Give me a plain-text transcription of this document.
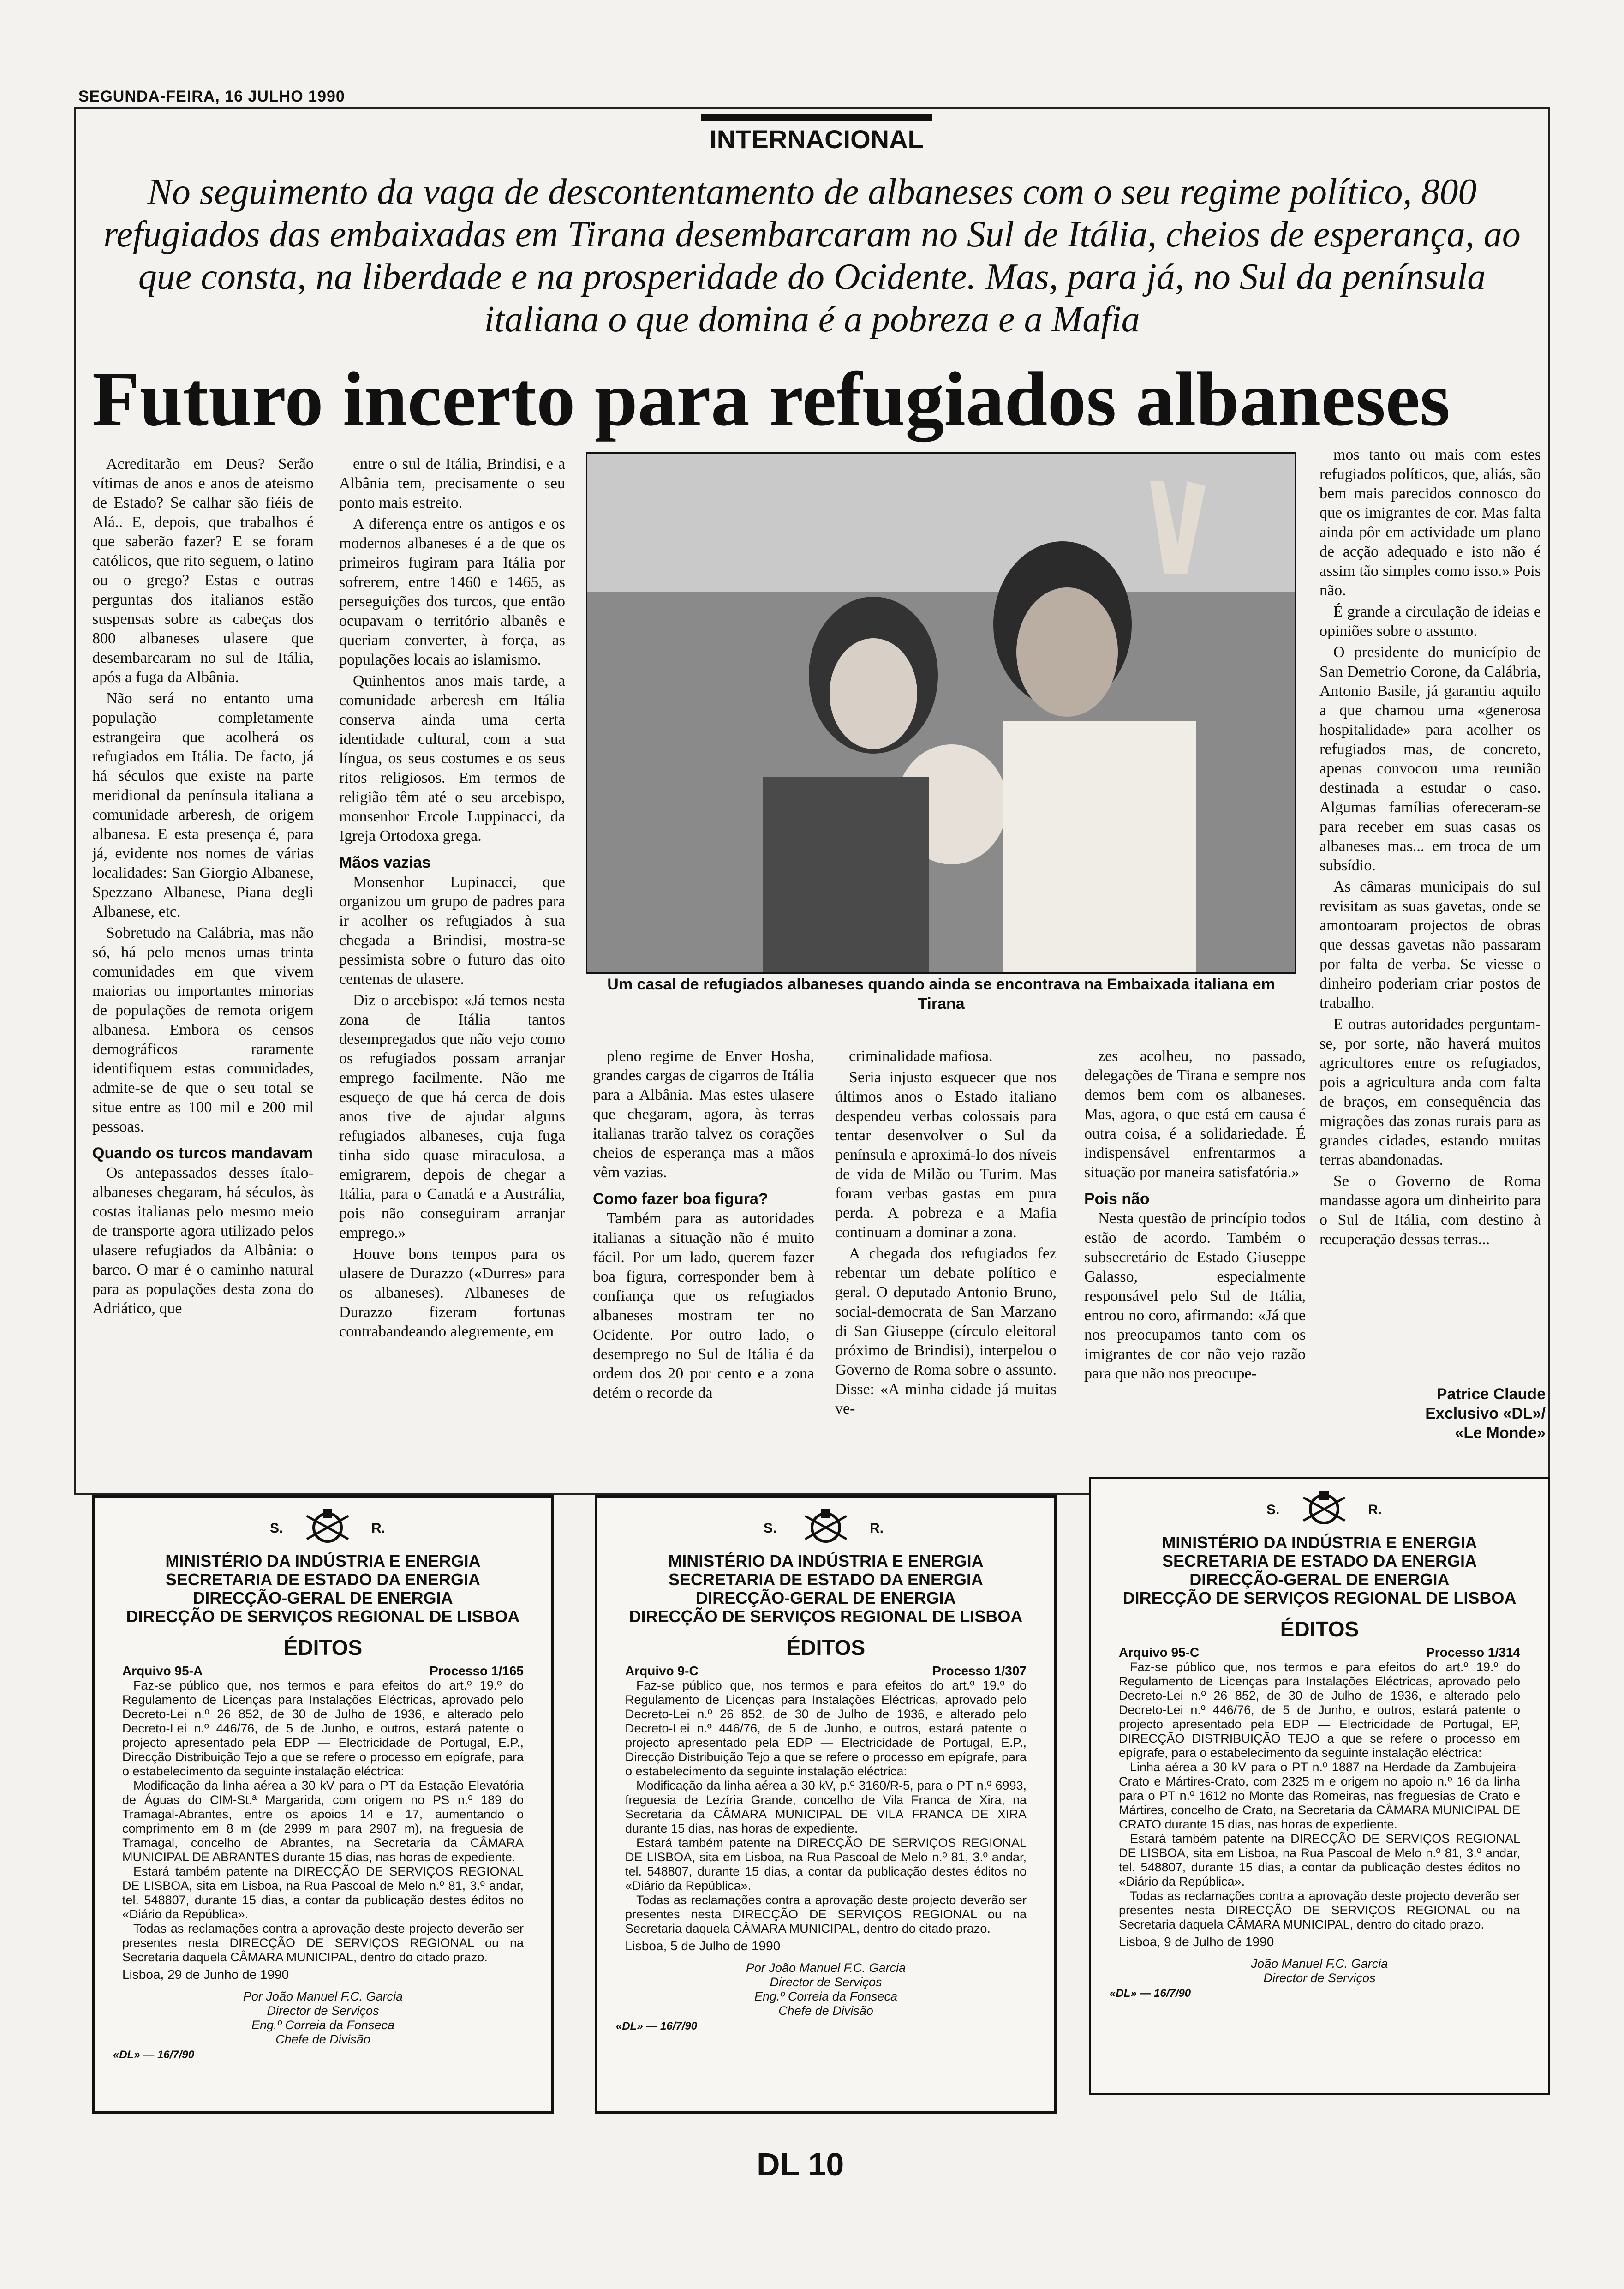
SEGUNDA-FEIRA, 16 JULHO 1990
INTERNACIONAL
No seguimento da vaga de descontentamento de albaneses com o seu regime político, 800 refugiados das embaixadas em Tirana desembarcaram no Sul de Itália, cheios de esperança, ao que consta, na liberdade e na prosperidade do Ocidente. Mas, para já, no Sul da península italiana o que domina é a pobreza e a Mafia
Futuro incerto para refugiados albaneses

Acreditarão em Deus? Serão vítimas de anos e anos de ateismo de Estado? Se calhar são fiéis de Alá.. E, depois, que trabalhos é que saberão fazer? E se foram católicos, que rito seguem, o latino ou o grego? Estas e outras perguntas dos italianos estão suspensas sobre as cabeças dos 800 albaneses ulasere que desembarcaram no sul de Itália, após a fuga da Albânia.

Não será no entanto uma população completamente estrangeira que acolherá os refugiados em Itália. De facto, já há séculos que existe na parte meridional da península italiana a comunidade arberesh, de origem albanesa. E esta presença é, para já, evidente nos nomes de várias localidades: San Giorgio Albanese, Spezzano Albanese, Piana degli Albanese, etc.

Sobretudo na Calábria, mas não só, há pelo menos umas trinta comunidades em que vivem maiorias ou importantes minorias de populações de remota origem albanesa. Embora os censos demográficos raramente identifiquem estas comunidades, admite-se de que o seu total se situe entre as 100 mil e 200 mil pessoas.

Quando os turcos mandavam

Os antepassados desses ítalo-albaneses chegaram, há séculos, às costas italianas pelo mesmo meio de transporte agora utilizado pelos ulasere refugiados da Albânia: o barco. O mar é o caminho natural para as populações desta zona do Adriático, que

entre o sul de Itália, Brindisi, e a Albânia tem, precisamente o seu ponto mais estreito.

A diferença entre os antigos e os modernos albaneses é a de que os primeiros fugiram para Itália por sofrerem, entre 1460 e 1465, as perseguições dos turcos, que então ocupavam o território albanês e queriam converter, à força, as populações locais ao islamismo.

Quinhentos anos mais tarde, a comunidade arberesh em Itália conserva ainda uma certa identidade cultural, com a sua língua, os seus costumes e os seus ritos religiosos. Em termos de religião têm até o seu arcebispo, monsenhor Ercole Luppinacci, da Igreja Ortodoxa grega.

Mãos vazias

Monsenhor Lupinacci, que organizou um grupo de padres para ir acolher os refugiados à sua chegada a Brindisi, mostra-se pessimista sobre o futuro das oito centenas de ulasere.

Diz o arcebispo: «Já temos nesta zona de Itália tantos desempregados que não vejo como os refugiados possam arranjar emprego facilmente. Não me esqueço de que há cerca de dois anos tive de ajudar alguns refugiados albaneses, cuja fuga tinha sido quase miraculosa, a emigrarem, depois de chegar a Itália, para o Canadá e a Austrália, pois não conseguiram arranjar emprego.»

Houve bons tempos para os ulasere de Durazzo («Durres» para os albaneses). Albaneses de Durazzo fizeram fortunas contrabandeando alegremente, em

Um casal de refugiados albaneses quando ainda se encontrava na Embaixada italiana em Tirana

pleno regime de Enver Hosha, grandes cargas de cigarros de Itália para a Albânia. Mas estes ulasere que chegaram, agora, às terras italianas trarão talvez os corações cheios de esperança mas a mãos vêm vazias.

Como fazer boa figura?

Também para as autoridades italianas a situação não é muito fácil. Por um lado, querem fazer boa figura, corresponder bem à confiança que os refugiados albaneses mostram ter no Ocidente. Por outro lado, o desemprego no Sul de Itália é da ordem dos 20 por cento e a zona detém o recorde da

criminalidade mafiosa.

Seria injusto esquecer que nos últimos anos o Estado italiano despendeu verbas colossais para tentar desenvolver o Sul da península e aproximá-lo dos níveis de vida de Milão ou Turim. Mas foram verbas gastas em pura perda. A pobreza e a Mafia continuam a dominar a zona.

A chegada dos refugiados fez rebentar um debate político e geral. O deputado Antonio Bruno, social-democrata de San Marzano di San Giuseppe (círculo eleitoral próximo de Brindisi), interpelou o Governo de Roma sobre o assunto. Disse: «A minha cidade já muitas ve-

zes acolheu, no passado, delegações de Tirana e sempre nos demos bem com os albaneses. Mas, agora, o que está em causa é outra coisa, é a solidariedade. É indispensável enfrentarmos a situação por maneira satisfatória.»

Pois não

Nesta questão de princípio todos estão de acordo. Também o subsecretário de Estado Giuseppe Galasso, especialmente responsável pelo Sul de Itália, entrou no coro, afirmando: «Já que nos preocupamos tanto com os imigrantes de cor não vejo razão para que não nos preocupe-

mos tanto ou mais com estes refugiados políticos, que, aliás, são bem mais parecidos connosco do que os imigrantes de cor. Mas falta ainda pôr em actividade um plano de acção adequado e isto não é assim tão simples como isso.» Pois não.

É grande a circulação de ideias e opiniões sobre o assunto.

O presidente do município de San Demetrio Corone, da Calábria, Antonio Basile, já garantiu aquilo a que chamou uma «generosa hospitalidade» para acolher os refugiados mas, de concreto, apenas convocou uma reunião destinada a estudar o caso. Algumas famílias ofereceram-se para receber em suas casas os albaneses mas... em troca de um subsídio.

As câmaras municipais do sul revisitam as suas gavetas, onde se amontoaram projectos de obras que dessas gavetas não passaram por falta de verba. Se viesse o dinheiro poderiam criar postos de trabalho.

E outras autoridades perguntam-se, por sorte, não haverá muitos agricultores entre os refugiados, pois a agricultura anda com falta de braços, em consequência das migrações das zonas rurais para as grandes cidades, estando muitas terras abandonadas.

Se o Governo de Roma mandasse agora um dinheirito para o Sul de Itália, com destino à recuperação dessas terras...

Patrice Claude
Exclusivo «DL»/
«Le Monde»
S.	R.
MINISTÉRIO DA INDÚSTRIA E ENERGIA
SECRETARIA DE ESTADO DA ENERGIA
DIRECÇÃO-GERAL DE ENERGIA
DIRECÇÃO DE SERVIÇOS REGIONAL DE LISBOA
ÉDITOS
Arquivo 95-A	Processo 1/165

Faz-se público que, nos termos e para efeitos do art.º 19.º do Regulamento de Licenças para Instalações Eléctricas, aprovado pelo Decreto-Lei n.º 26 852, de 30 de Julho de 1936, e alterado pelo Decreto-Lei n.º 446/76, de 5 de Junho, e outros, estará patente o projecto apresentado pela EDP — Electricidade de Portugal, E.P., Direcção Distribuição Tejo a que se refere o processo em epígrafe, para o estabelecimento da seguinte instalação eléctrica:

Modificação da linha aérea a 30 kV para o PT da Estação Elevatória de Águas do CIM-St.ª Margarida, com origem no PS n.º 189 do Tramagal-Abrantes, entre os apoios 14 e 17, aumentando o comprimento em 8 m (de 2999 m para 2907 m), na freguesia de Tramagal, concelho de Abrantes, na Secretaria da CÂMARA MUNICIPAL DE ABRANTES durante 15 dias, nas horas de expediente.

Estará também patente na DIRECÇÃO DE SERVIÇOS REGIONAL DE LISBOA, sita em Lisboa, na Rua Pascoal de Melo n.º 81, 3.º andar, tel. 548807, durante 15 dias, a contar da publicação destes éditos no «Diário da República».

Todas as reclamações contra a aprovação deste projecto deverão ser presentes nesta DIRECÇÃO DE SERVIÇOS REGIONAL ou na Secretaria daquela CÂMARA MUNICIPAL, dentro do citado prazo.

Lisboa, 29 de Junho de 1990
Por João Manuel F.C. Garcia
Director de Serviços
Eng.º Correia da Fonseca
Chefe de Divisão
«DL» — 16/7/90
S.	R.
MINISTÉRIO DA INDÚSTRIA E ENERGIA
SECRETARIA DE ESTADO DA ENERGIA
DIRECÇÃO-GERAL DE ENERGIA
DIRECÇÃO DE SERVIÇOS REGIONAL DE LISBOA
ÉDITOS
Arquivo 9-C	Processo 1/307

Faz-se público que, nos termos e para efeitos do art.º 19.º do Regulamento de Licenças para Instalações Eléctricas, aprovado pelo Decreto-Lei n.º 26 852, de 30 de Julho de 1936, e alterado pelo Decreto-Lei n.º 446/76, de 5 de Junho, e outros, estará patente o projecto apresentado pela EDP — Electricidade de Portugal, E.P., Direcção Distribuição Tejo a que se refere o processo em epígrafe, para o estabelecimento da seguinte instalação eléctrica:

Modificação da linha aérea a 30 kV, p.º 3160/R-5, para o PT n.º 6993, freguesia de Lezíria Grande, concelho de Vila Franca de Xira, na Secretaria da CÂMARA MUNICIPAL DE VILA FRANCA DE XIRA durante 15 dias, nas horas de expediente.

Estará também patente na DIRECÇÃO DE SERVIÇOS REGIONAL DE LISBOA, sita em Lisboa, na Rua Pascoal de Melo n.º 81, 3.º andar, tel. 548807, durante 15 dias, a contar da publicação destes éditos no «Diário da República».

Todas as reclamações contra a aprovação deste projecto deverão ser presentes nesta DIRECÇÃO DE SERVIÇOS REGIONAL ou na Secretaria daquela CÂMARA MUNICIPAL, dentro do citado prazo.

Lisboa, 5 de Julho de 1990
Por João Manuel F.C. Garcia
Director de Serviços
Eng.º Correia da Fonseca
Chefe de Divisão
«DL» — 16/7/90
S.	R.
MINISTÉRIO DA INDÚSTRIA E ENERGIA
SECRETARIA DE ESTADO DA ENERGIA
DIRECÇÃO-GERAL DE ENERGIA
DIRECÇÃO DE SERVIÇOS REGIONAL DE LISBOA
ÉDITOS
Arquivo 95-C	Processo 1/314

Faz-se público que, nos termos e para efeitos do art.º 19.º do Regulamento de Licenças para Instalações Eléctricas, aprovado pelo Decreto-Lei n.º 26 852, de 30 de Julho de 1936, e alterado pelo Decreto-Lei n.º 446/76, de 5 de Junho, e outros, estará patente o projecto apresentado pela EDP — Electricidade de Portugal, EP, DIRECÇÃO DISTRIBUIÇÃO TEJO a que se refere o processo em epígrafe, para o estabelecimento da seguinte instalação eléctrica:

Linha aérea a 30 kV para o PT n.º 1887 na Herdade da Zambujeira-Crato e Mártires-Crato, com 2325 m e origem no apoio n.º 16 da linha para o PT n.º 1612 no Monte das Romeiras, nas freguesias de Crato e Mártires, concelho de Crato, na Secretaria da CÂMARA MUNICIPAL DE CRATO durante 15 dias, nas horas de expediente.

Estará também patente na DIRECÇÃO DE SERVIÇOS REGIONAL DE LISBOA, sita em Lisboa, na Rua Pascoal de Melo n.º 81, 3.º andar, tel. 548807, durante 15 dias, a contar da publicação destes éditos no «Diário da República».

Todas as reclamações contra a aprovação deste projecto deverão ser presentes nesta DIRECÇÃO DE SERVIÇOS REGIONAL ou na Secretaria daquela CÂMARA MUNICIPAL, dentro do citado prazo.

Lisboa, 9 de Julho de 1990
João Manuel F.C. Garcia
Director de Serviços
«DL» — 16/7/90
DL 10
